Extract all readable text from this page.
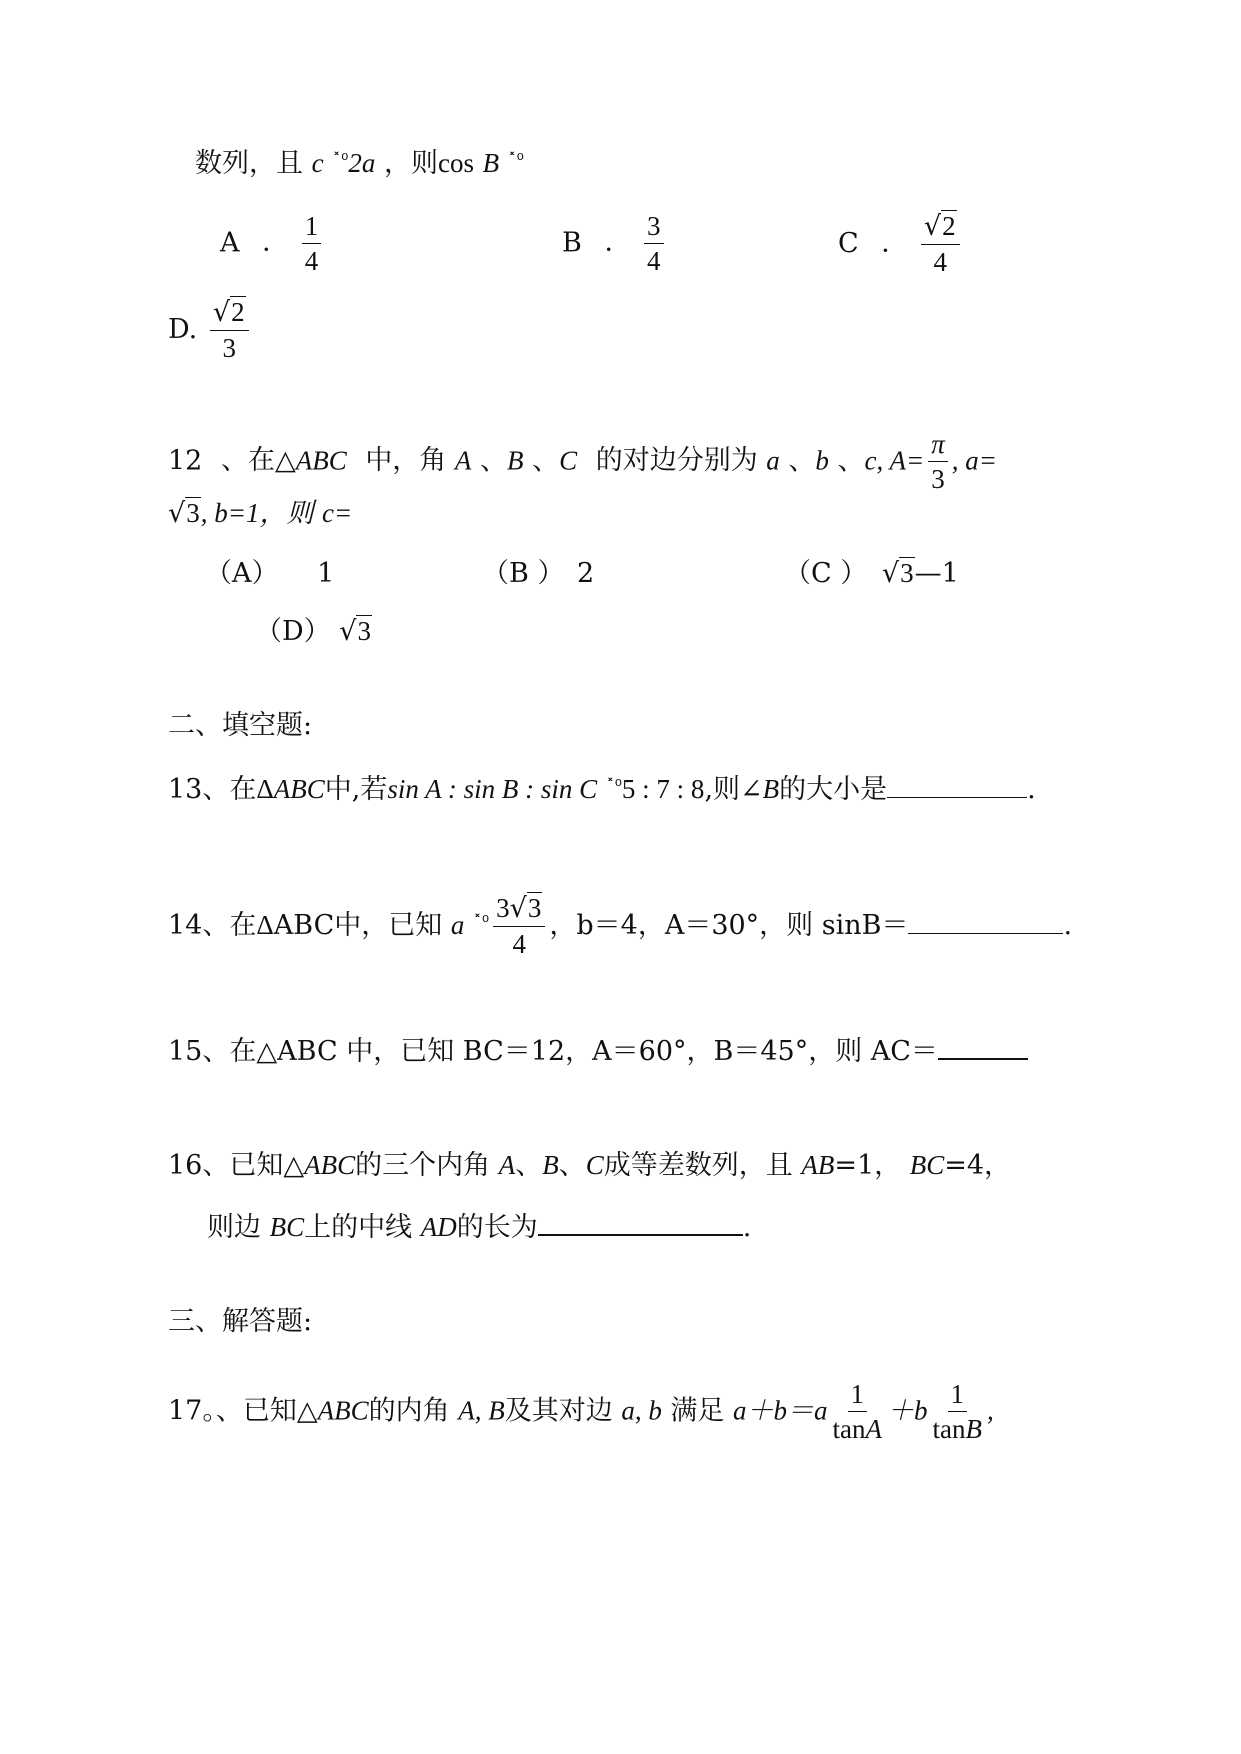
数列，且 c $^{˟^0}$2a ，则cos B $^{˟^0}$
A ． $\frac{1}{4}$	B ． $\frac{3}{4}$	C ． $\frac{√2}{4}$
D. $\frac{√2}{3}$
12 、在△ABC 中，角 A 、B 、C 的对边分别为 a 、b 、c, $A= \frac{\pi}{3}$ , a=
√3, b=1，则 c=
（A） 1	（B ） 2	（C ） √3—1
（D） √3
二、填空题:
13、在ΔABC中,若sin A : sin B : sin C $^{˟^0}$5 : 7 : 8,则∠B的大小是	.
14、在ΔABC中，已知 a $^{˟^0} \frac{3√3}{4}$ ，b＝4，A＝30°，则 sinB＝	.
15、在△ABC 中，已知 BC＝12，A＝60°，B＝45°，则 AC＝
16、已知△ABC的三个内角 A、B、C成等差数列，且 AB=1， BC=4，
则边 BC上的中线 AD的长为	.
三、解答题:
17。、已知△ABC的内角 A, B及其对边 a, b 满足 $a+b=a \frac{1}{\tan A} +b \frac{1}{\tan B}$ ,
